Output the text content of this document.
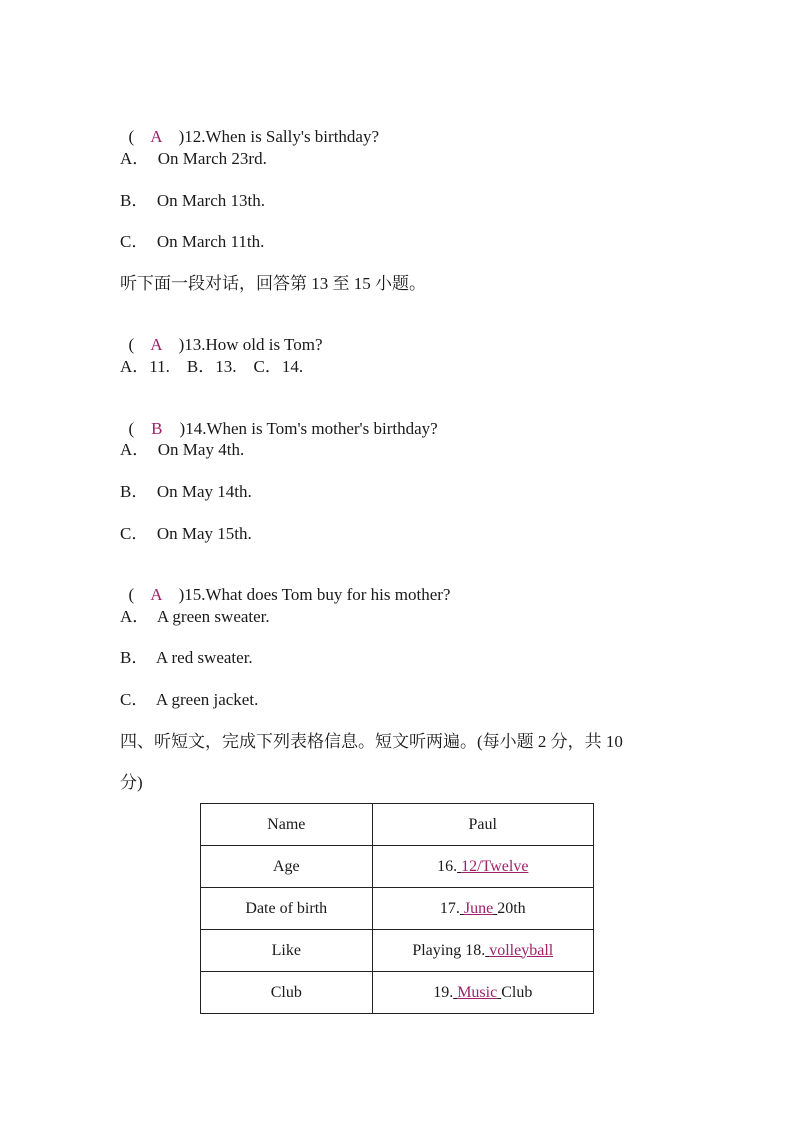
(    A    )12.When is Sally's birthday?

A．  On March 23rd.
B．  On March 13th.
C．  On March 11th.
听下面一段对话，回答第 13 至 15 小题。

(    A    )13.How old is Tom?

A．11.    B．13.    C．14.

(    B    )14.When is Tom's mother's birthday?

A．  On May 4th.
B．  On May 14th.
C．  On May 15th.

(    A    )15.What does Tom buy for his mother?

A．  A green sweater.
B．  A red sweater.
C．  A green jacket.
四、听短文，完成下列表格信息。短文听两遍。(每小题 2 分，共 10
分)
Name	Paul
Age	16. 12/Twelve
Date of birth	17. June 20th
Like	Playing 18. volleyball
Club	19. Music Club
